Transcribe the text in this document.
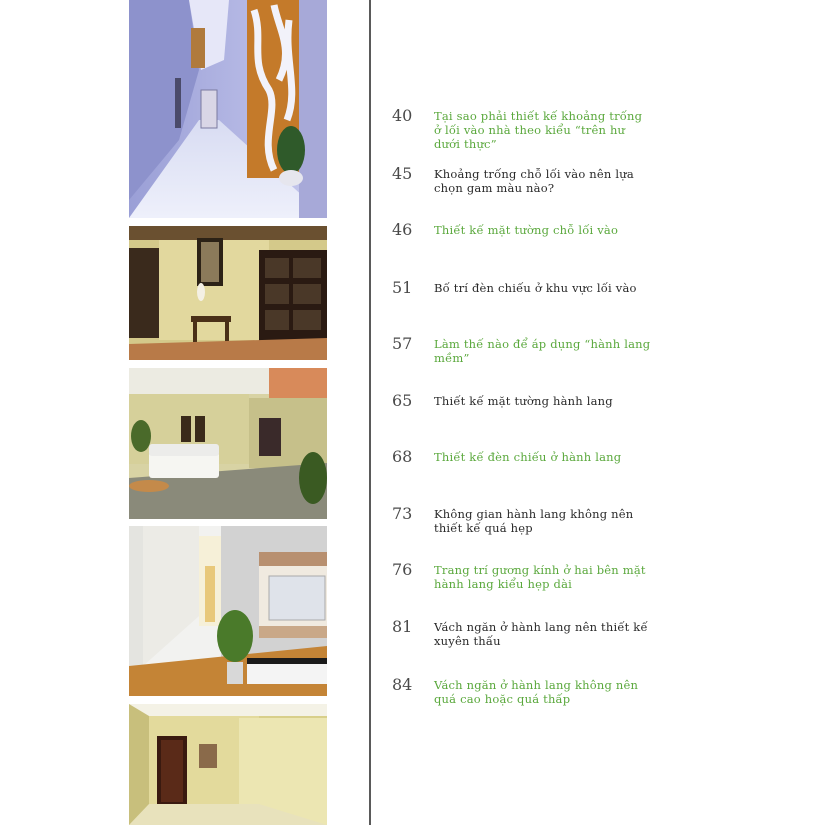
40	Tại sao phải thiết kế khoảng trống ở lối vào nhà theo kiểu “trên hư dưới thực”
45	Khoảng trống chỗ lối vào nên lựa chọn gam màu nào?
46	Thiết kế mặt tường chỗ lối vào
51	Bố trí đèn chiếu ở khu vực lối vào
57	Làm thế nào để áp dụng “hành lang mềm”
65	Thiết kế mặt tường hành lang
68	Thiết kế đèn chiếu ở hành lang
73	Không gian hành lang không nên thiết kế quá hẹp
76	Trang trí gương kính ở hai bên mặt hành lang kiểu hẹp dài
81	Vách ngăn ở hành lang nên thiết kế xuyên thấu
84	Vách ngăn ở hành lang không nên quá cao hoặc quá thấp
